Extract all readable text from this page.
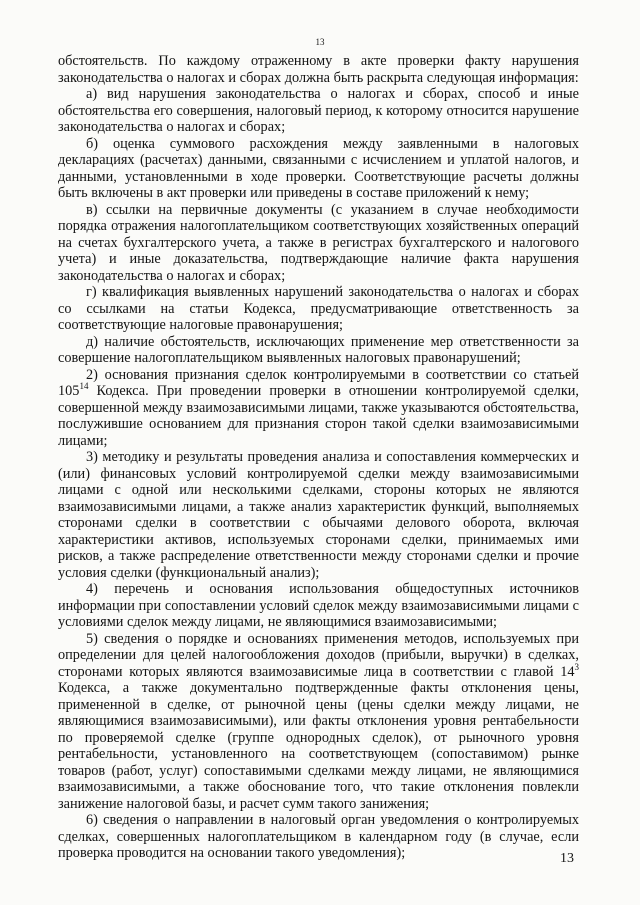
13

обстоятельств. По каждому отраженному в акте проверки факту нарушения законодательства о налогах и сборах должна быть раскрыта следующая информация:

а) вид нарушения законодательства о налогах и сборах, способ и иные обстоятельства его совершения, налоговый период, к которому относится нарушение законодательства о налогах и сборах;

б) оценка суммового расхождения между заявленными в налоговых декларациях (расчетах) данными, связанными с исчислением и уплатой налогов, и данными, установленными в ходе проверки. Соответствующие расчеты должны быть включены в акт проверки или приведены в составе приложений к нему;

в) ссылки на первичные документы (с указанием в случае необходимости порядка отражения налогоплательщиком соответствующих хозяйственных операций на счетах бухгалтерского учета, а также в регистрах бухгалтерского и налогового учета) и иные доказательства, подтверждающие наличие факта нарушения законодательства о налогах и сборах;

г) квалификация выявленных нарушений законодательства о налогах и сборах со ссылками на статьи Кодекса, предусматривающие ответственность за соответствующие налоговые правонарушения;

д) наличие обстоятельств, исключающих применение мер ответственности за совершение налогоплательщиком выявленных налоговых правонарушений;

2) основания признания сделок контролируемыми в соответствии со статьей $105^{14}$ Кодекса. При проведении проверки в отношении контролируемой сделки, совершенной между взаимозависимыми лицами, также указываются обстоятельства, послужившие основанием для признания сторон такой сделки взаимозависимыми лицами;

3) методику и результаты проведения анализа и сопоставления коммерческих и (или) финансовых условий контролируемой сделки между взаимозависимыми лицами с одной или несколькими сделками, стороны которых не являются взаимозависимыми лицами, а также анализ характеристик функций, выполняемых сторонами сделки в соответствии с обычаями делового оборота, включая характеристики активов, используемых сторонами сделки, принимаемых ими рисков, а также распределение ответственности между сторонами сделки и прочие условия сделки (функциональный анализ);

4) перечень и основания использования общедоступных источников информации при сопоставлении условий сделок между взаимозависимыми лицами с условиями сделок между лицами, не являющимися взаимозависимыми;

5) сведения о порядке и основаниях применения методов, используемых при определении для целей налогообложения доходов (прибыли, выручки) в сделках, сторонами которых являются взаимозависимые лица в соответствии с главой $14^3$ Кодекса, а также документально подтвержденные факты отклонения цены, примененной в сделке, от рыночной цены (цены сделки между лицами, не являющимися взаимозависимыми), или факты отклонения уровня рентабельности по проверяемой сделке (группе однородных сделок), от рыночного уровня рентабельности, установленного на соответствующем (сопоставимом) рынке товаров (работ, услуг) сопоставимыми сделками между лицами, не являющимися взаимозависимыми, а также обоснование того, что такие отклонения повлекли занижение налоговой базы, и расчет сумм такого занижения;

6) сведения о направлении в налоговый орган уведомления о контролируемых сделках, совершенных налогоплательщиком в календарном году (в случае, если проверка проводится на основании такого уведомления);	13
